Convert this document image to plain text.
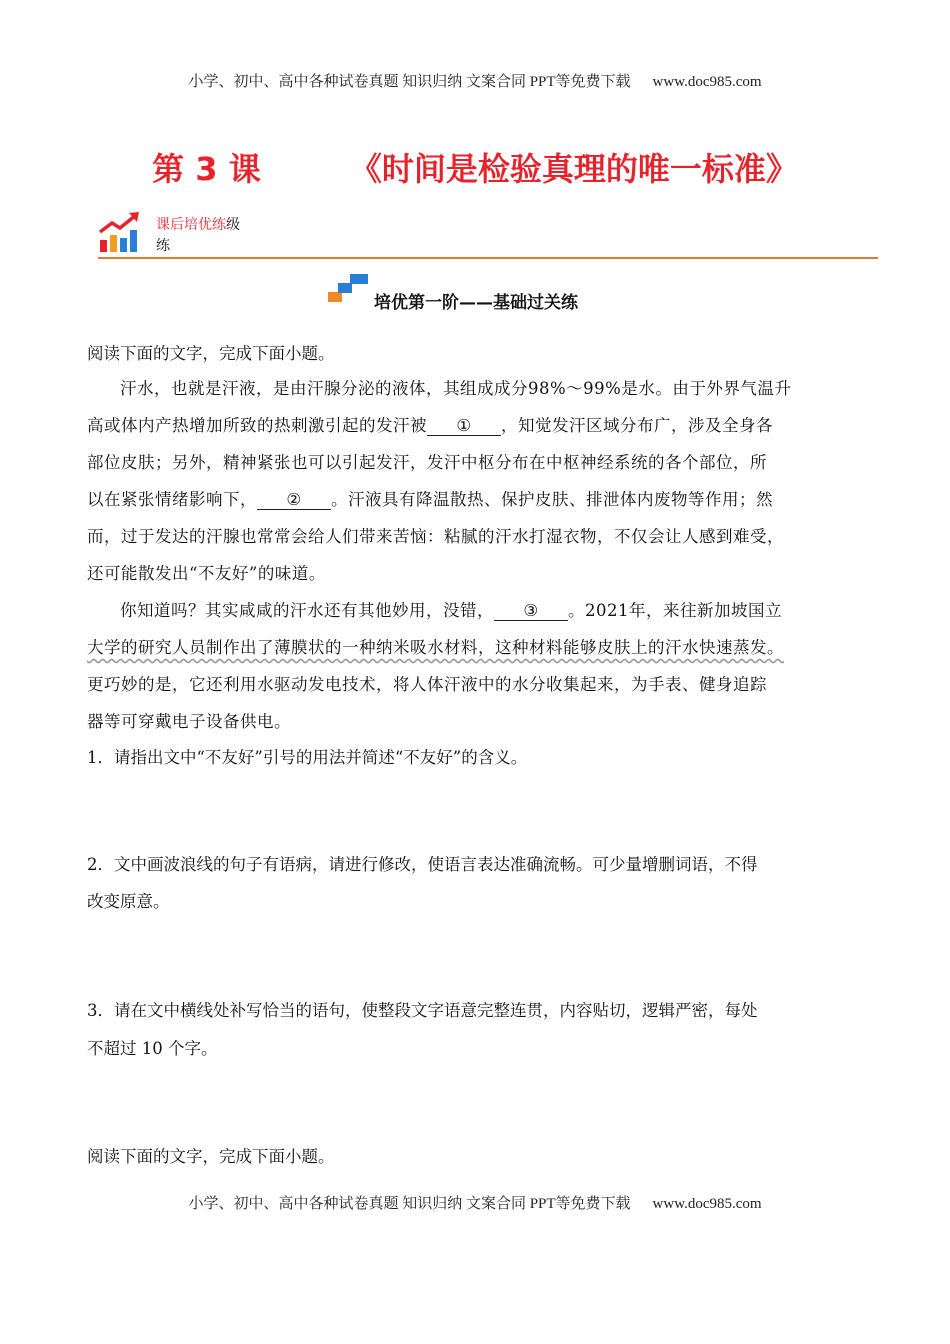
小学、初中、高中各种试卷真题 知识归纳 文案合同 PPT等免费下载 www.doc985.com
第 3 课        《时间是检验真理的唯一标准》
课后培优练级
练
培优第一阶——基础过关练
阅读下面的文字，完成下面小题。
汗水，也就是汗液，是由汗腺分泌的液体，其组成成分98%～99%是水。由于外界气温升
高或体内产热增加所致的热刺激引起的发汗被 ① ，知觉发汗区域分布广，涉及全身各
部位皮肤；另外，精神紧张也可以引起发汗，发汗中枢分布在中枢神经系统的各个部位，所
以在紧张情绪影响下， ② 。汗液具有降温散热、保护皮肤、排泄体内废物等作用；然
而，过于发达的汗腺也常常会给人们带来苦恼：粘腻的汗水打湿衣物，不仅会让人感到难受，
还可能散发出“不友好”的味道。
你知道吗？其实咸咸的汗水还有其他妙用，没错， ③ 。2021年，来往新加坡国立
大学的研究人员制作出了薄膜状的一种纳米吸水材料，这种材料能够皮肤上的汗水快速蒸发。
更巧妙的是，它还利用水驱动发电技术，将人体汗液中的水分收集起来，为手表、健身追踪
器等可穿戴电子设备供电。
1．请指出文中“不友好”引号的用法并简述“不友好”的含义。
2．文中画波浪线的句子有语病，请进行修改，使语言表达准确流畅。可少量增删词语，不得
改变原意。
3．请在文中横线处补写恰当的语句，使整段文字语意完整连贯，内容贴切，逻辑严密，每处
不超过 10 个字。
阅读下面的文字，完成下面小题。
小学、初中、高中各种试卷真题 知识归纳 文案合同 PPT等免费下载 www.doc985.com
